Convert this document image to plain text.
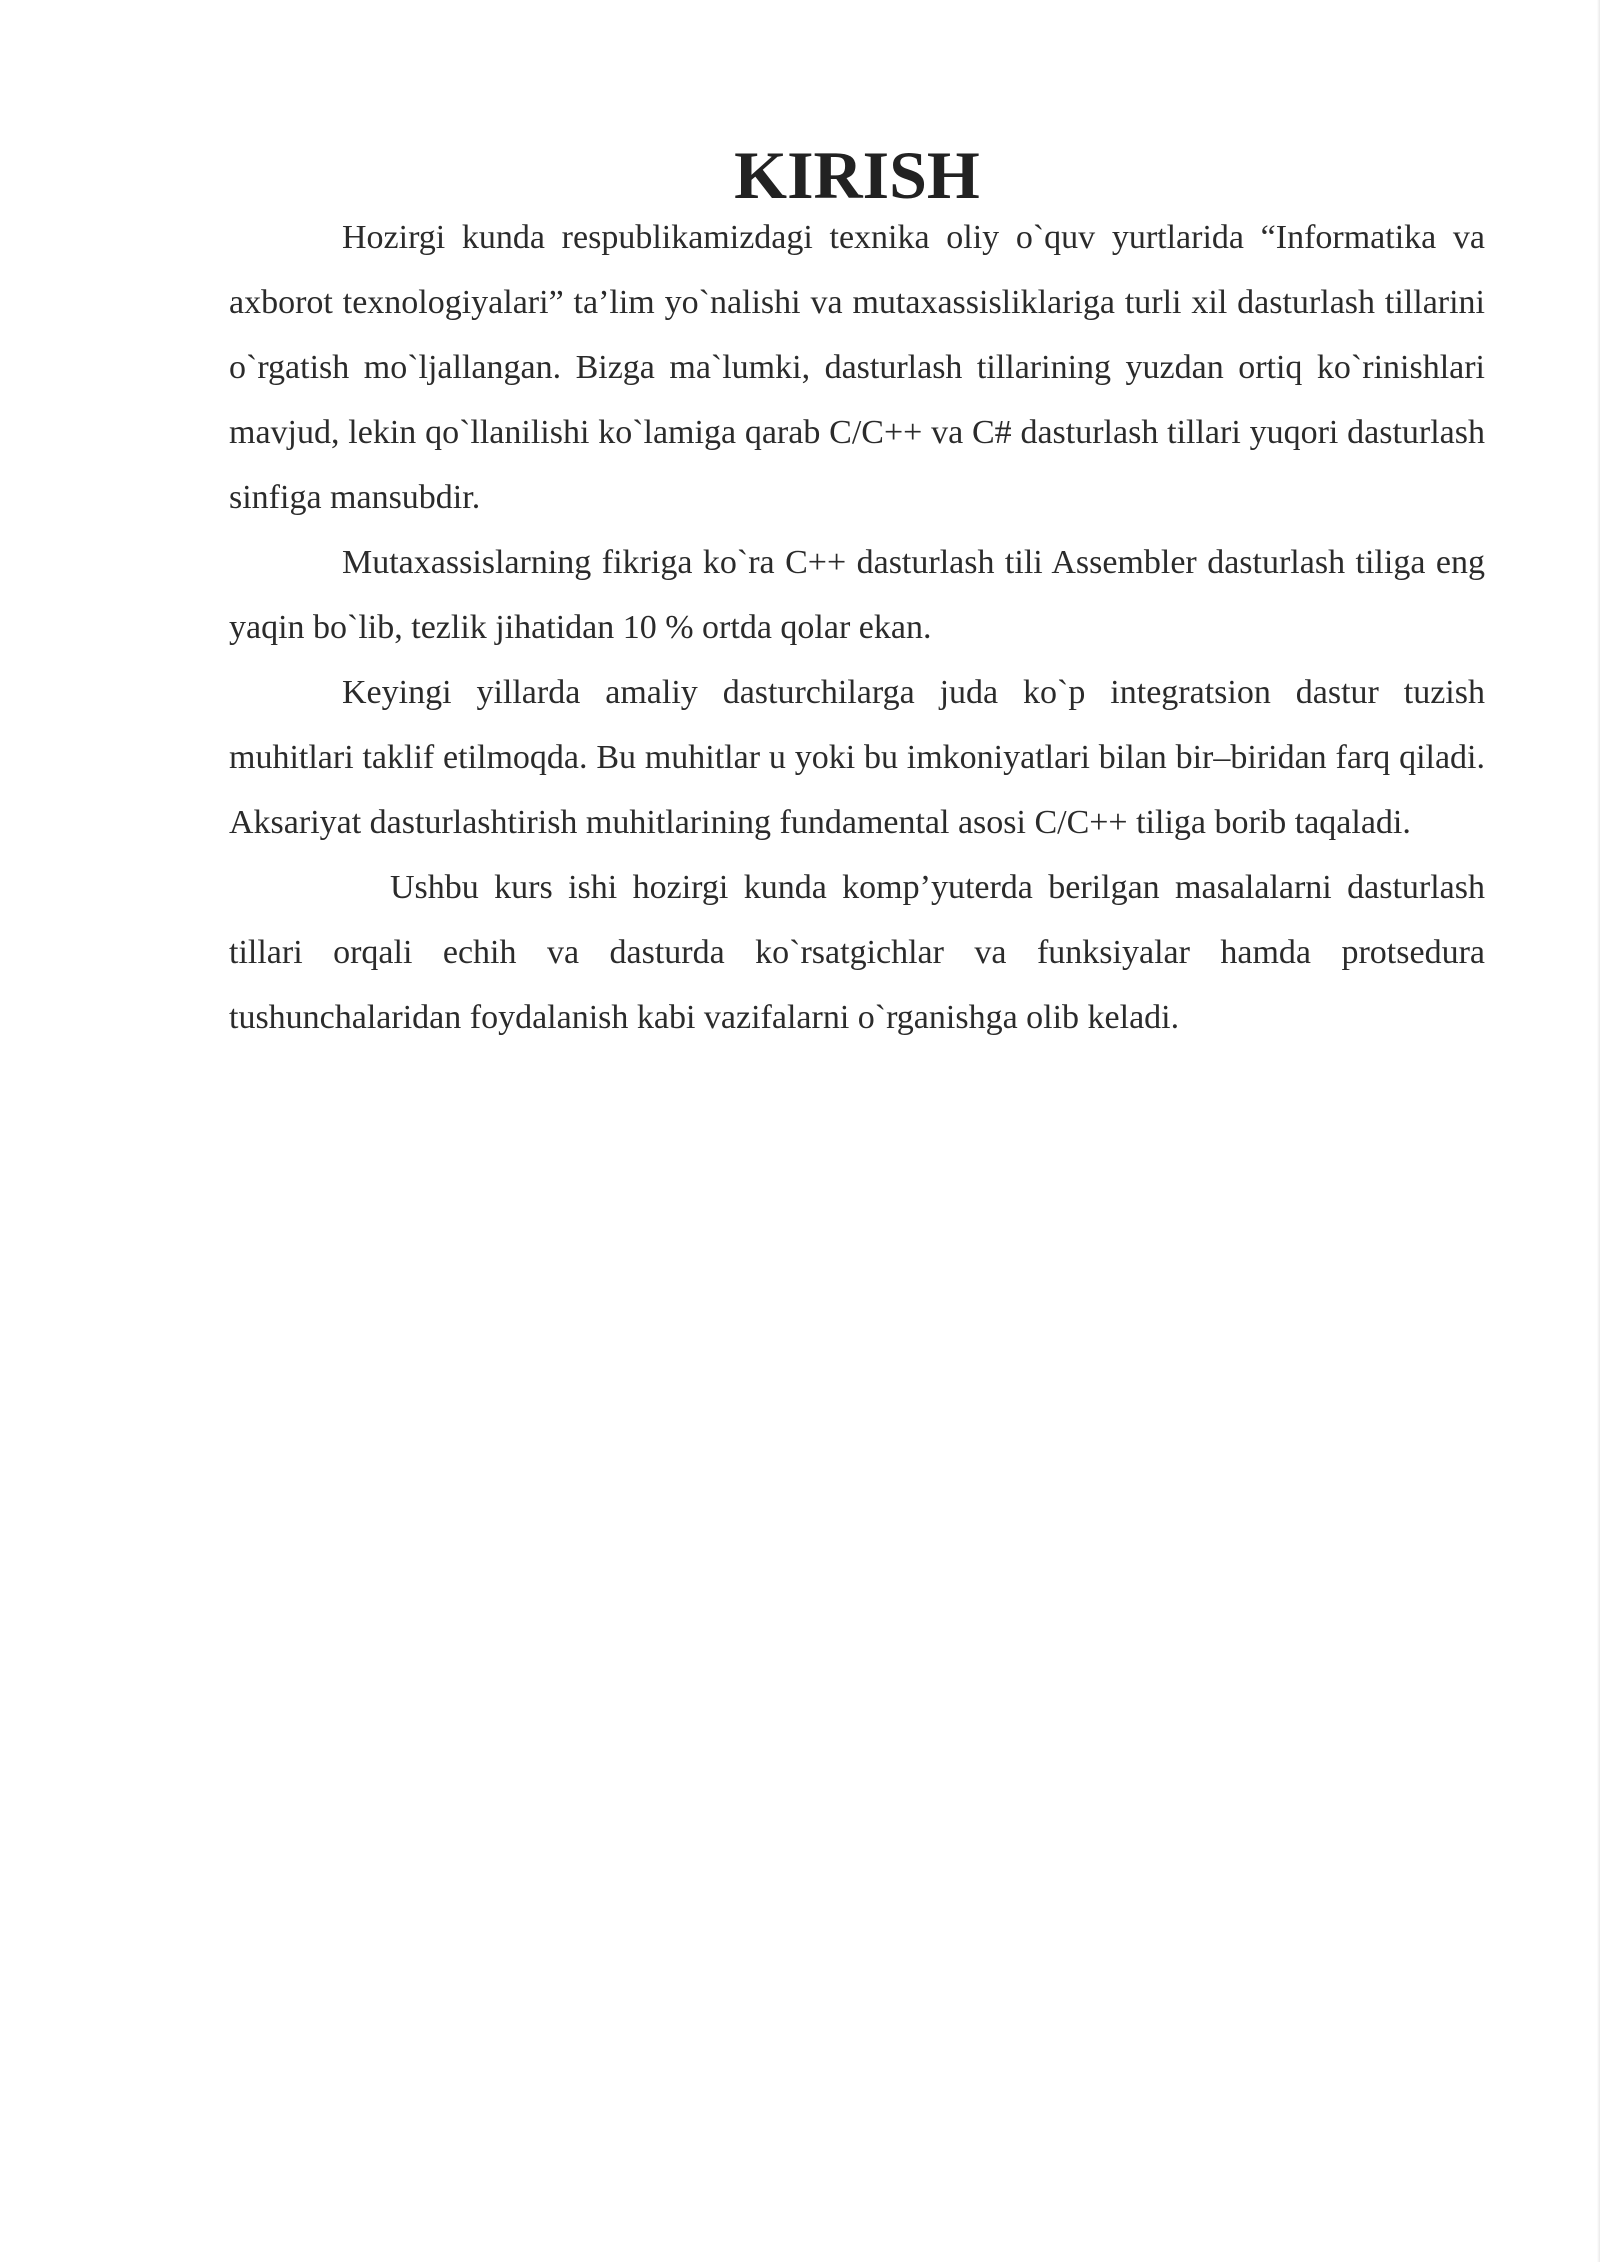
KIRISH

Hozirgi kunda respublikamizdagi texnika oliy o`quv yurtlarida “Informatika va axborot texnologiyalari” ta’lim yo`nalishi va mutaxassisliklariga turli xil dasturlash tillarini o`rgatish mo`ljallangan. Bizga ma`lumki, dasturlash tillarining yuzdan ortiq ko`rinishlari mavjud, lekin qo`llanilishi ko`lamiga qarab C/C++ va C# dasturlash tillari yuqori dasturlash sinfiga mansubdir.

Mutaxassislarning fikriga ko`ra C++ dasturlash tili Assembler dasturlash tiliga eng yaqin bo`lib, tezlik jihatidan 10 % ortda qolar ekan.

Keyingi yillarda amaliy dasturchilarga juda ko`p integratsion dastur tuzish muhitlari taklif etilmoqda. Bu muhitlar u yoki bu imkoniyatlari bilan bir–biridan farq qiladi. Aksariyat dasturlashtirish muhitlarining fundamental asosi C/C++ tiliga borib taqaladi.

Ushbu kurs ishi hozirgi kunda komp’yuterda berilgan masalalarni dasturlash tillari orqali echih va dasturda ko`rsatgichlar va funksiyalar hamda protsedura tushunchalaridan foydalanish kabi vazifalarni o`rganishga olib keladi.
